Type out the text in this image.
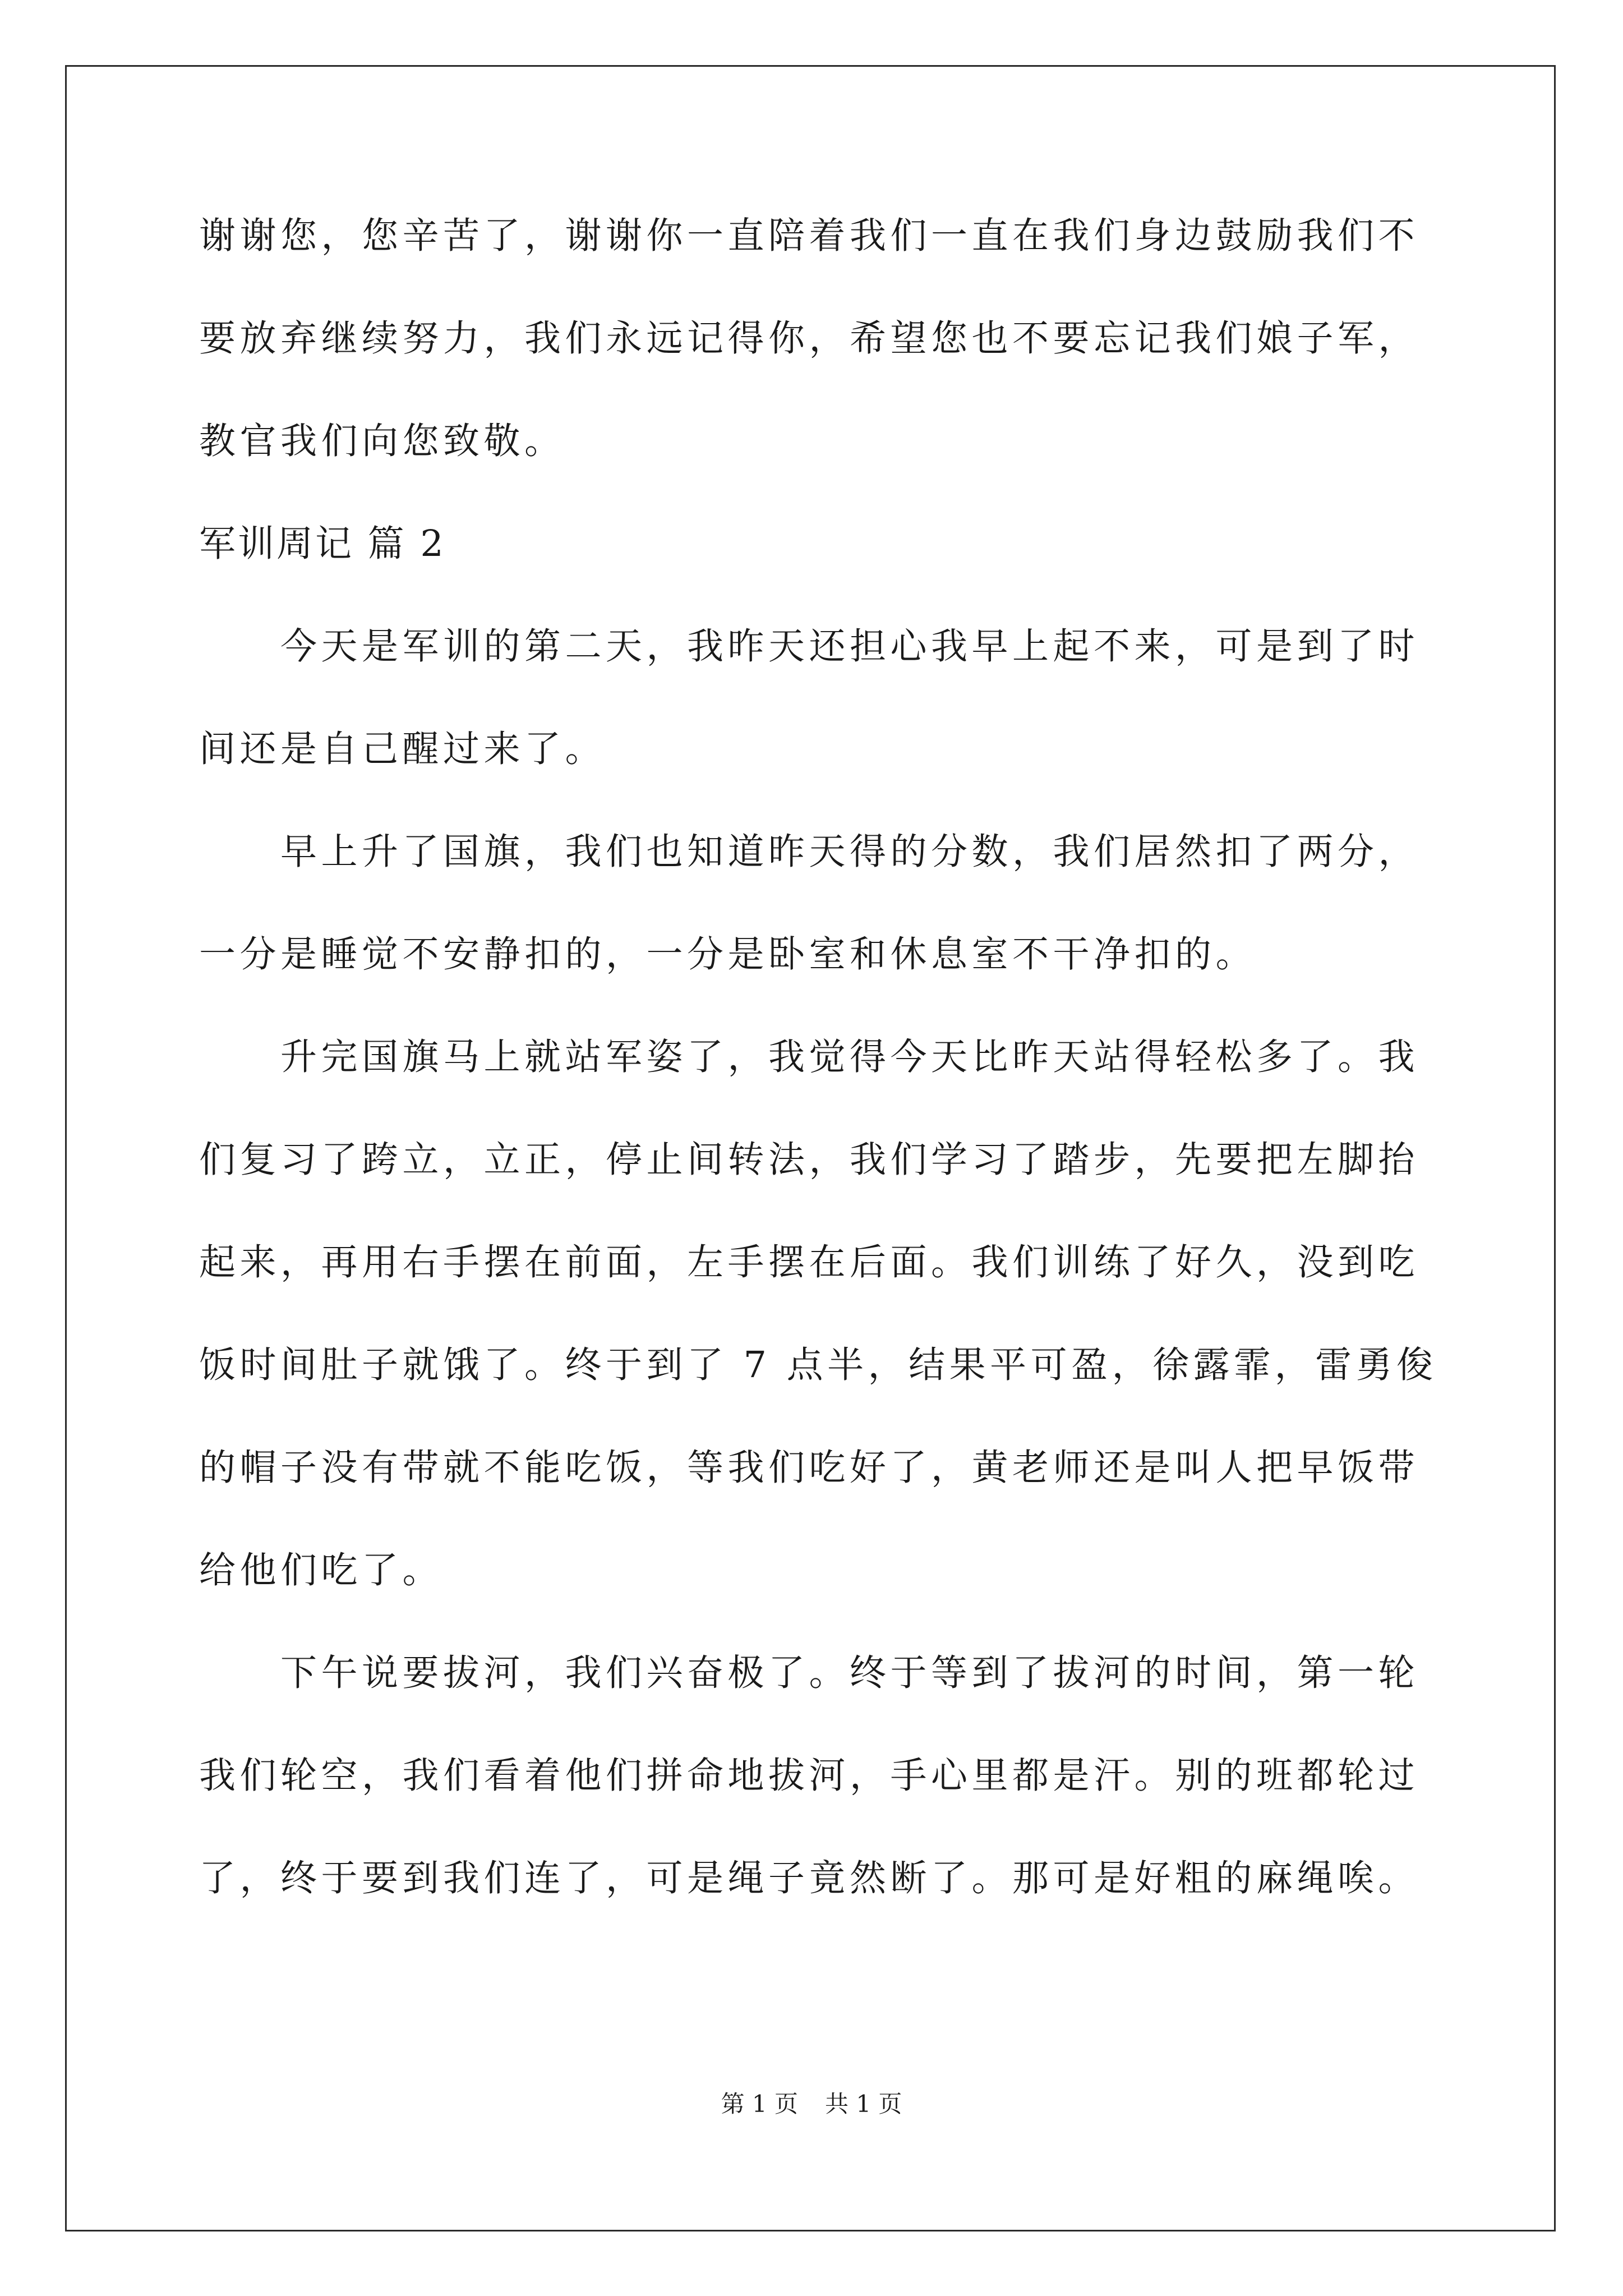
谢谢您，您辛苦了，谢谢你一直陪着我们一直在我们身边鼓励我们不

要放弃继续努力，我们永远记得你，希望您也不要忘记我们娘子军，

教官我们向您致敬。

军训周记 篇 2

今天是军训的第二天，我昨天还担心我早上起不来，可是到了时

间还是自己醒过来了。

早上升了国旗，我们也知道昨天得的分数，我们居然扣了两分，

一分是睡觉不安静扣的，一分是卧室和休息室不干净扣的。

升完国旗马上就站军姿了，我觉得今天比昨天站得轻松多了。我

们复习了跨立，立正，停止间转法，我们学习了踏步，先要把左脚抬

起来，再用右手摆在前面，左手摆在后面。我们训练了好久，没到吃

饭时间肚子就饿了。终于到了 7 点半，结果平可盈，徐露霏，雷勇俊

的帽子没有带就不能吃饭，等我们吃好了，黄老师还是叫人把早饭带

给他们吃了。

下午说要拔河，我们兴奋极了。终于等到了拔河的时间，第一轮

我们轮空，我们看着他们拼命地拔河，手心里都是汗。别的班都轮过

了，终于要到我们连了，可是绳子竟然断了。那可是好粗的麻绳唉。

第 1 页 共 1 页
